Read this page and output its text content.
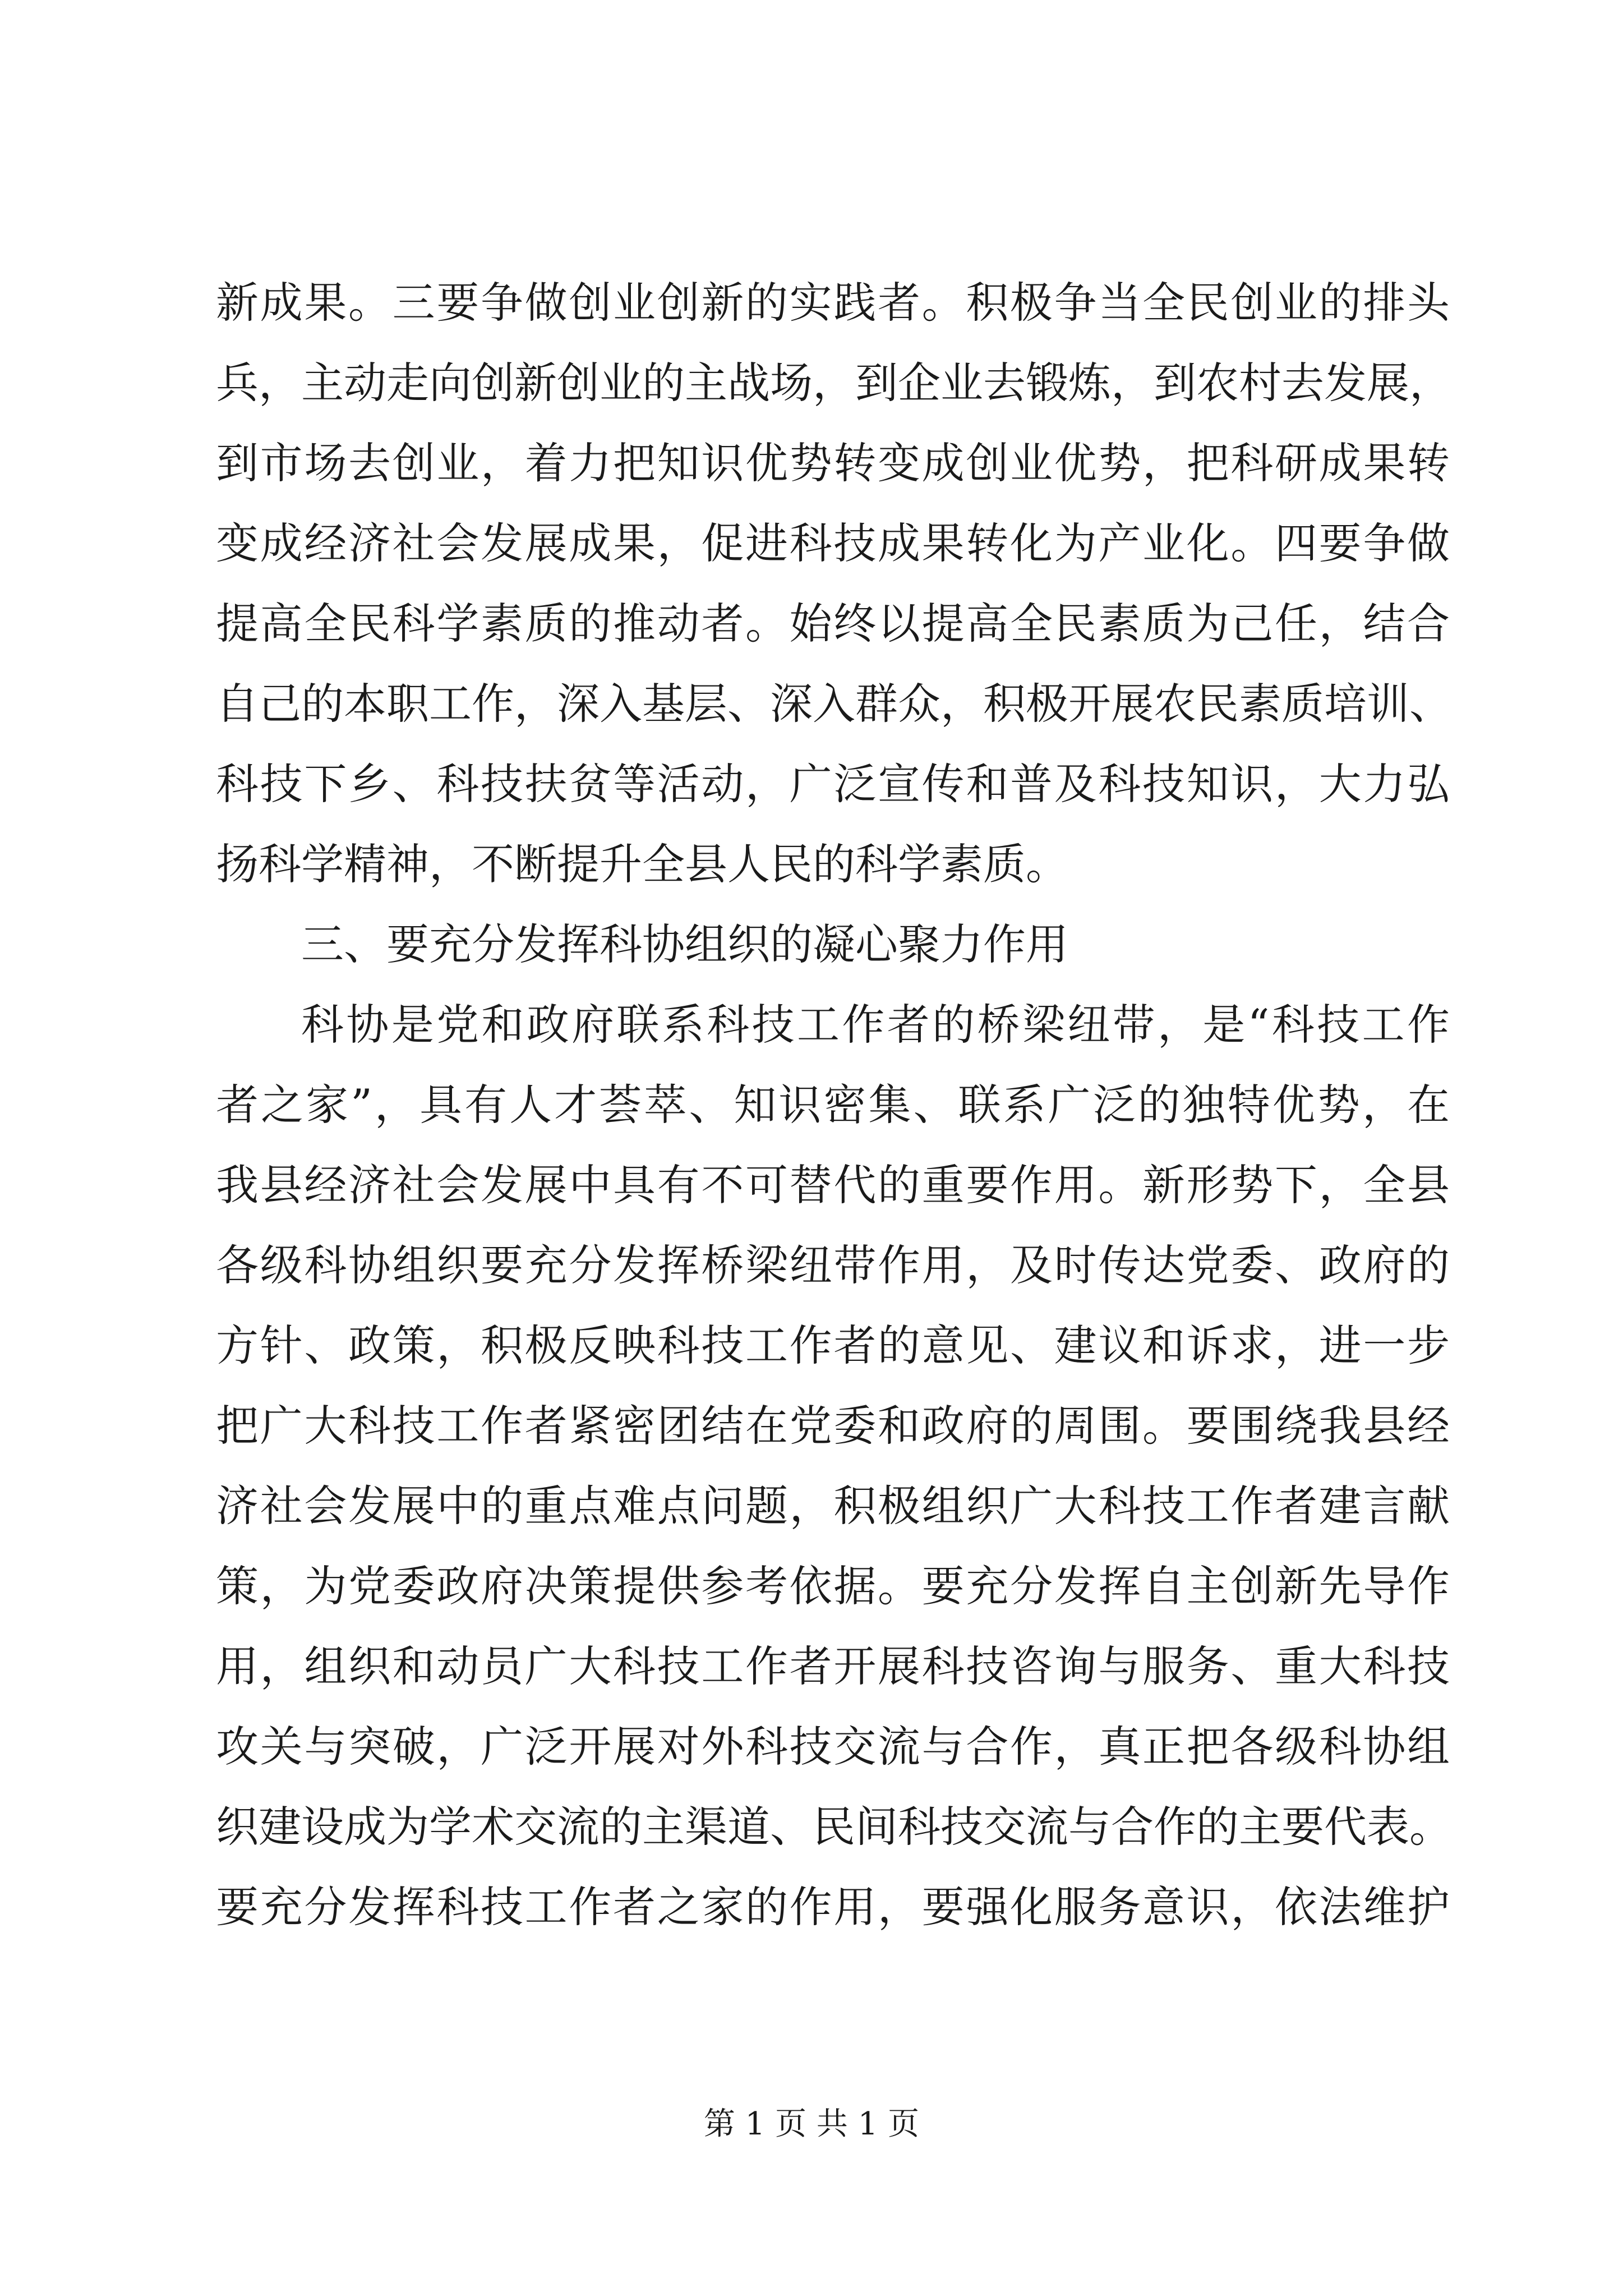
新成果。三要争做创业创新的实践者。积极争当全民创业的排头
兵，主动走向创新创业的主战场，到企业去锻炼，到农村去发展，
到市场去创业，着力把知识优势转变成创业优势，把科研成果转
变成经济社会发展成果，促进科技成果转化为产业化。四要争做
提高全民科学素质的推动者。始终以提高全民素质为己任，结合
自己的本职工作，深入基层、深入群众，积极开展农民素质培训、
科技下乡、科技扶贫等活动，广泛宣传和普及科技知识，大力弘
扬科学精神，不断提升全县人民的科学素质。
三、要充分发挥科协组织的凝心聚力作用
科协是党和政府联系科技工作者的桥梁纽带，是“科技工作
者之家”，具有人才荟萃、知识密集、联系广泛的独特优势，在
我县经济社会发展中具有不可替代的重要作用。新形势下，全县
各级科协组织要充分发挥桥梁纽带作用，及时传达党委、政府的
方针、政策，积极反映科技工作者的意见、建议和诉求，进一步
把广大科技工作者紧密团结在党委和政府的周围。要围绕我县经
济社会发展中的重点难点问题，积极组织广大科技工作者建言献
策，为党委政府决策提供参考依据。要充分发挥自主创新先导作
用，组织和动员广大科技工作者开展科技咨询与服务、重大科技
攻关与突破，广泛开展对外科技交流与合作，真正把各级科协组
织建设成为学术交流的主渠道、民间科技交流与合作的主要代表。
要充分发挥科技工作者之家的作用，要强化服务意识，依法维护
第 1 页 共 1 页
